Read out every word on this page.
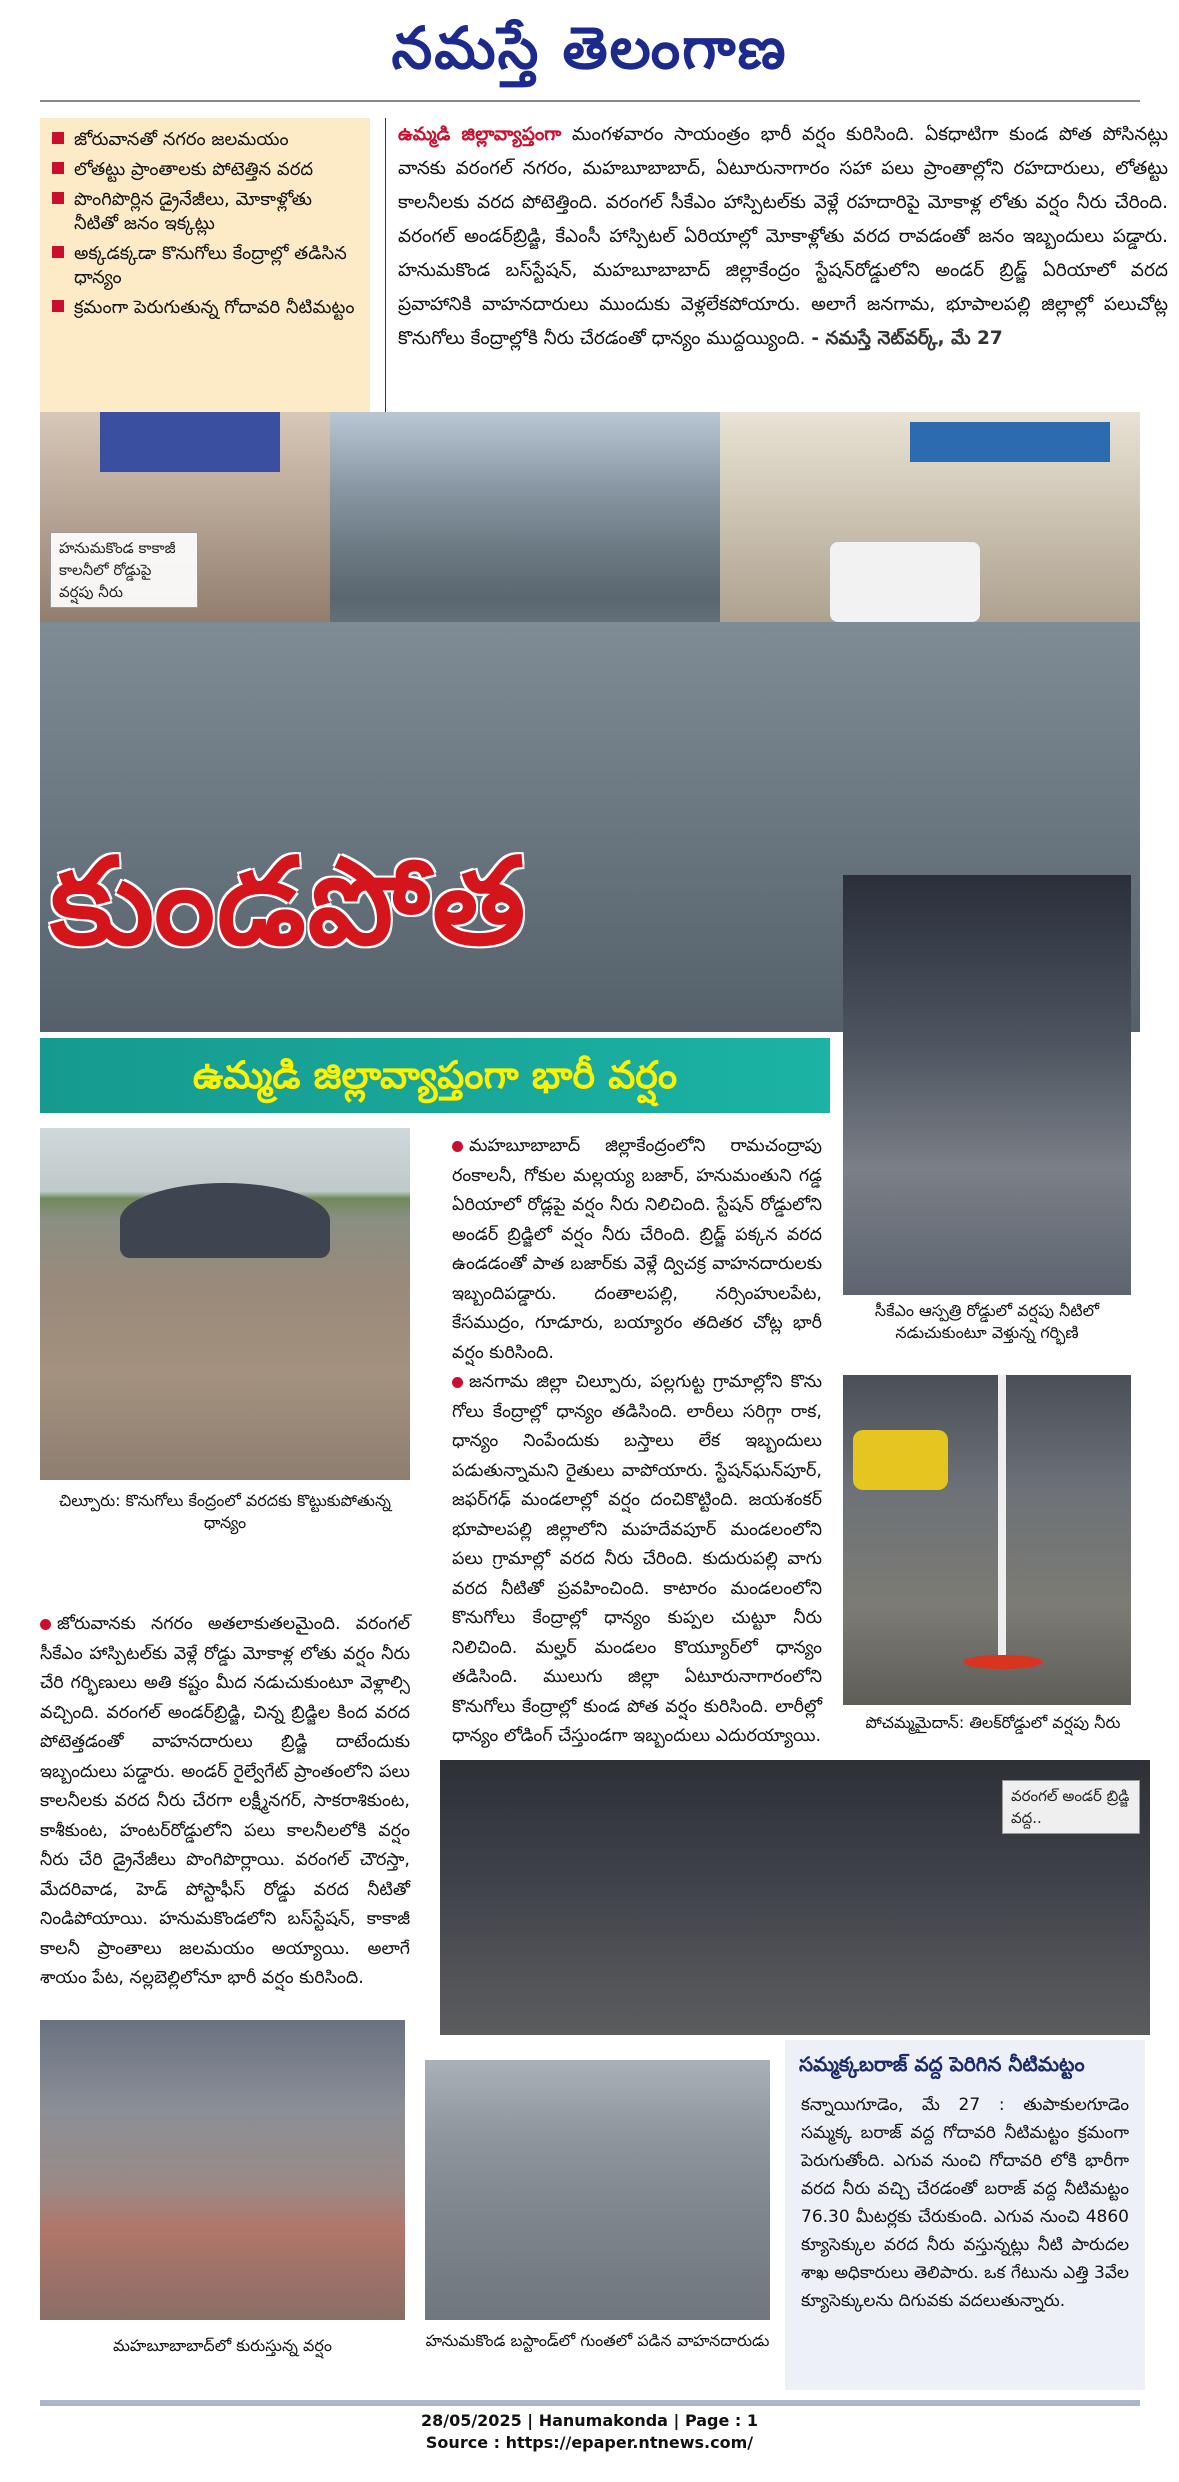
నమస్తే తెలంగాణ
జోరువానతో నగరం జలమయం
లోతట్టు ప్రాంతాలకు పోటెత్తిన వరద
పొంగిపొర్లిన డ్రైనేజీలు, మోకాళ్లోతు నీటితో జనం ఇక్కట్లు
అక్కడక్కడా కొనుగోలు కేంద్రాల్లో తడిసిన ధాన్యం
క్రమంగా పెరుగుతున్న గోదావరి నీటిమట్టం
ఉమ్మడి జిల్లావ్యాప్తంగా మంగళవారం సాయంత్రం భారీ వర్షం కురిసింది. ఏకధాటిగా కుండ పోత పోసినట్లు వానకు వరంగల్ నగరం, మహబూబాబాద్, ఏటూరునాగారం సహా పలు ప్రాంతాల్లోని రహదారులు, లోతట్టు కాలనీలకు వరద పోటెత్తింది. వరంగల్ సీకేఎం హాస్పిటల్‌కు వెళ్లే రహదారిపై మోకాళ్ల లోతు వర్షం నీరు చేరింది. వరంగల్ అండర్‌బ్రిడ్జి, కేఎంసీ హాస్పిటల్ ఏరియాల్లో మోకాళ్లోతు వరద రావడంతో జనం ఇబ్బందులు పడ్డారు. హనుమకొండ బస్‌స్టేషన్, మహబూబాబాద్ జిల్లాకేంద్రం స్టేషన్‌రోడ్డులోని అండర్ బ్రిడ్జ్ ఏరియాలో వరద ప్రవాహానికి వాహనదారులు ముందుకు వెళ్లలేకపోయారు. అలాగే జనగామ, భూపాలపల్లి జిల్లాల్లో పలుచోట్ల కొనుగోలు కేంద్రాల్లోకి నీరు చేరడంతో ధాన్యం ముద్దయ్యింది. - నమస్తే నెట్‌వర్క్, మే 27
హనుమకొండ కాకాజీ కాలనీలో రోడ్డుపై వర్షపు నీరు
కుండపోత
ఉమ్మడి జిల్లావ్యాప్తంగా భారీ వర్షం
సీకేఎం ఆస్పత్రి రోడ్డులో వర్షపు నీటిలో నడుచుకుంటూ వెళ్తున్న గర్భిణి
చిల్పూరు: కొనుగోలు కేంద్రంలో వరదకు కొట్టుకుపోతున్న ధాన్యం
మహబూబాబాద్ జిల్లాకేంద్రంలోని రామచంద్రాపు రంకాలనీ, గోకుల మల్లయ్య బజార్, హనుమంతుని గడ్డ ఏరియాలో రోడ్లపై వర్షం నీరు నిలిచింది. స్టేషన్ రోడ్డులోని అండర్ బ్రిడ్జిలో వర్షం నీరు చేరింది. బ్రిడ్జ్ పక్కన వరద ఉండడంతో పాత బజార్‌కు వెళ్లే ద్విచక్ర వాహనదారులకు ఇబ్బందిపడ్డారు. దంతాలపల్లి, నర్సింహులపేట, కేసముద్రం, గూడూరు, బయ్యారం తదితర చోట్ల భారీ వర్షం కురిసింది.
జనగామ జిల్లా చిల్పూరు, పల్లగుట్ట గ్రామాల్లోని కొను గోలు కేంద్రాల్లో ధాన్యం తడిసింది. లారీలు సరిగ్గా రాక, ధాన్యం నింపేందుకు బస్తాలు లేక ఇబ్బందులు పడుతున్నామని రైతులు వాపోయారు. స్టేషన్‌ఘన్‌పూర్, జఫర్‌గఢ్ మండలాల్లో వర్షం దంచికొట్టింది. జయశంకర్ భూపాలపల్లి జిల్లాలోని మహదేవపూర్ మండలంలోని పలు గ్రామాల్లో వరద నీరు చేరింది. కుదురుపల్లి వాగు వరద నీటితో ప్రవహించింది. కాటారం మండలంలోని కొనుగోలు కేంద్రాల్లో ధాన్యం కుప్పల చుట్టూ నీరు నిలిచింది. మల్హర్ మండలం కొయ్యూర్‌లో ధాన్యం తడిసింది. ములుగు జిల్లా ఏటూరునాగారంలోని కొనుగోలు కేంద్రాల్లో కుండ పోత వర్షం కురిసింది. లారీల్లో ధాన్యం లోడింగ్ చేస్తుండగా ఇబ్బందులు ఎదురయ్యాయి.
జోరువానకు నగరం అతలాకుతలమైంది. వరంగల్ సీకేఎం హాస్పిటల్‌కు వెళ్లే రోడ్డు మోకాళ్ల లోతు వర్షం నీరు చేరి గర్భిణులు అతి కష్టం మీద నడుచుకుంటూ వెళ్లాల్సి వచ్చింది. వరంగల్ అండర్‌బ్రిడ్జి, చిన్న బ్రిడ్జిల కింద వరద పోటెత్తడంతో వాహనదారులు బ్రిడ్జి దాటేందుకు ఇబ్బందులు పడ్డారు. అండర్ రైల్వేగేట్ ప్రాంతంలోని పలు కాలనీలకు వరద నీరు చేరగా లక్ష్మీనగర్, సాకరాశికుంట, కాశీకుంట, హంటర్‌రోడ్డులోని పలు కాలనీలలోకి వర్షం నీరు చేరి డ్రైనేజీలు పొంగిపొర్లాయి. వరంగల్ చౌరస్తా, మేదరివాడ, హెడ్ పోస్టాఫీస్ రోడ్డు వరద నీటితో నిండిపోయాయి. హనుమకొండలోని బస్‌స్టేషన్, కాకాజీ కాలనీ ప్రాంతాలు జలమయం అయ్యాయి. అలాగే శాయం పేట, నల్లబెల్లిలోనూ భారీ వర్షం కురిసింది.
పోచమ్మమైదాన్: తిలక్‌రోడ్డులో వర్షపు నీరు
వరంగల్ అండర్ బ్రిడ్జి వద్ద..
మహబూబాబాద్‌లో కురుస్తున్న వర్షం	హనుమకొండ బస్టాండ్‌లో గుంతలో పడిన వాహనదారుడు
సమ్మక్కబరాజ్ వద్ద పెరిగిన నీటిమట్టం

కన్నాయిగూడెం, మే 27 : తుపాకులగూడెం సమ్మక్క బరాజ్ వద్ద గోదావరి నీటిమట్టం క్రమంగా పెరుగుతోంది. ఎగువ నుంచి గోదావరి లోకి భారీగా వరద నీరు వచ్చి చేరడంతో బరాజ్ వద్ద నీటిమట్టం 76.30 మీటర్లకు చేరుకుంది. ఎగువ నుంచి 4860 క్యూసెక్కుల వరద నీరు వస్తున్నట్లు నీటి పారుదల శాఖ అధికారులు తెలిపారు. ఒక గేటును ఎత్తి 3వేల క్యూసెక్కులను దిగువకు వదలుతున్నారు.

28/05/2025 | Hanumakonda | Page : 1
Source : https://epaper.ntnews.com/
